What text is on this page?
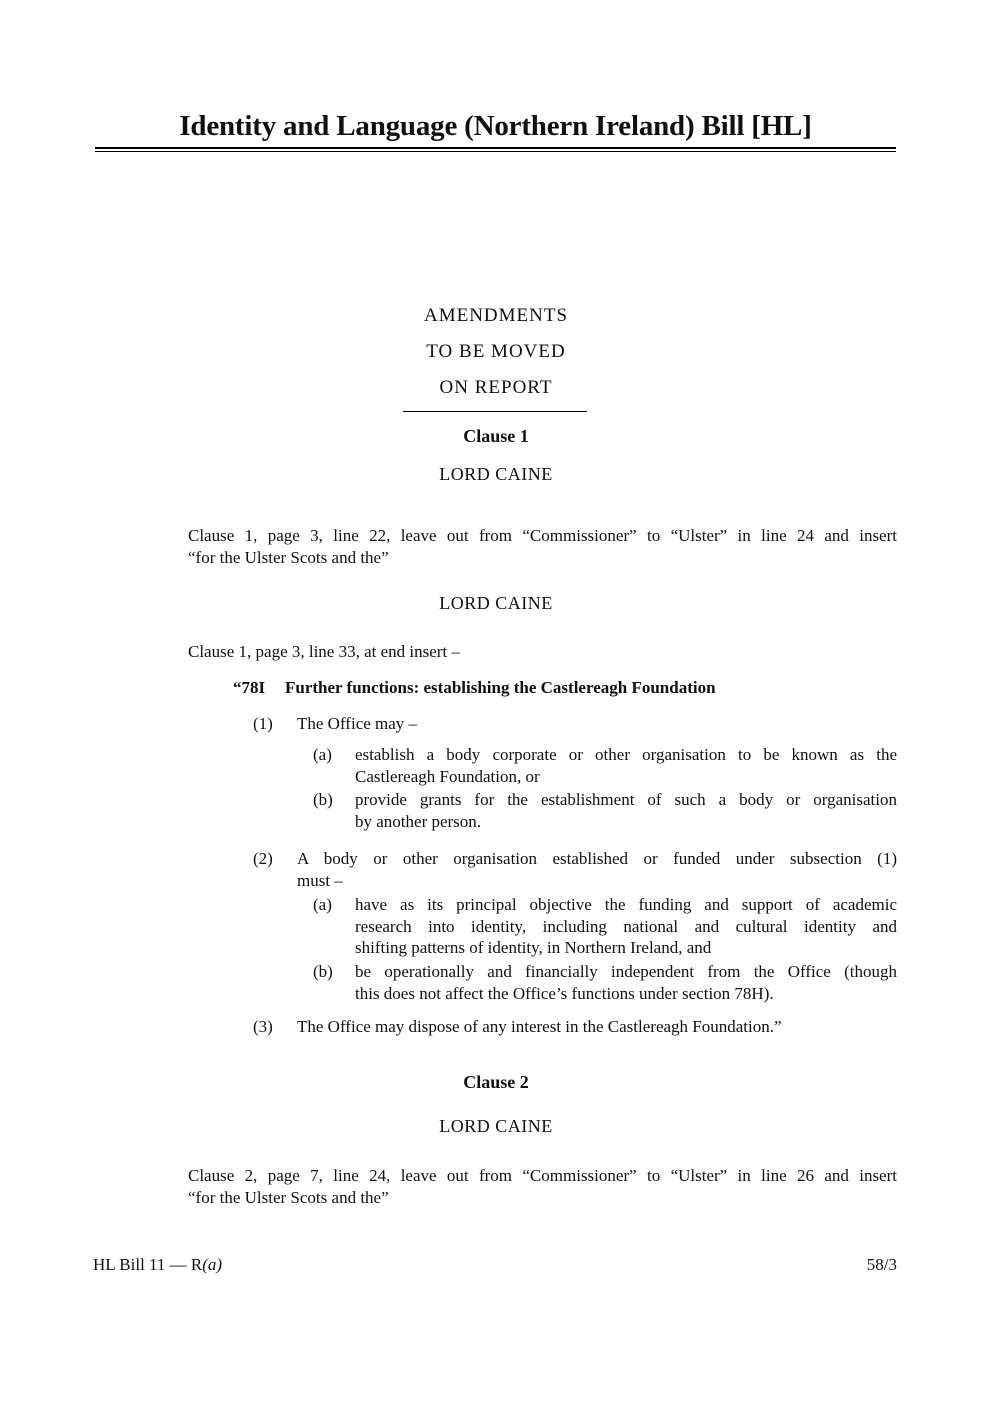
Identity and Language (Northern Ireland) Bill [HL]
AMENDMENTS
TO BE MOVED
ON REPORT
Clause 1
LORD CAINE
Clause 1, page 3, line 22, leave out from “Commissioner” to “Ulster” in line 24 and insert
“for the Ulster Scots and the”
LORD CAINE
Clause 1, page 3, line 33, at end insert –
“78I	Further functions: establishing the Castlereagh Foundation
(1)	The Office may –
(a)	establish a body corporate or other organisation to be known as the
Castlereagh Foundation, or
(b)	provide grants for the establishment of such a body or organisation
by another person.
(2)	A body or other organisation established or funded under subsection (1)
must –
(a)	have as its principal objective the funding and support of academic
research into identity, including national and cultural identity and
shifting patterns of identity, in Northern Ireland, and
(b)	be operationally and financially independent from the Office (though
this does not affect the Office’s functions under section 78H).
(3)	The Office may dispose of any interest in the Castlereagh Foundation.”
Clause 2
LORD CAINE
Clause 2, page 7, line 24, leave out from “Commissioner” to “Ulster” in line 26 and insert
“for the Ulster Scots and the”
HL Bill 11 — R(a)	58/3
